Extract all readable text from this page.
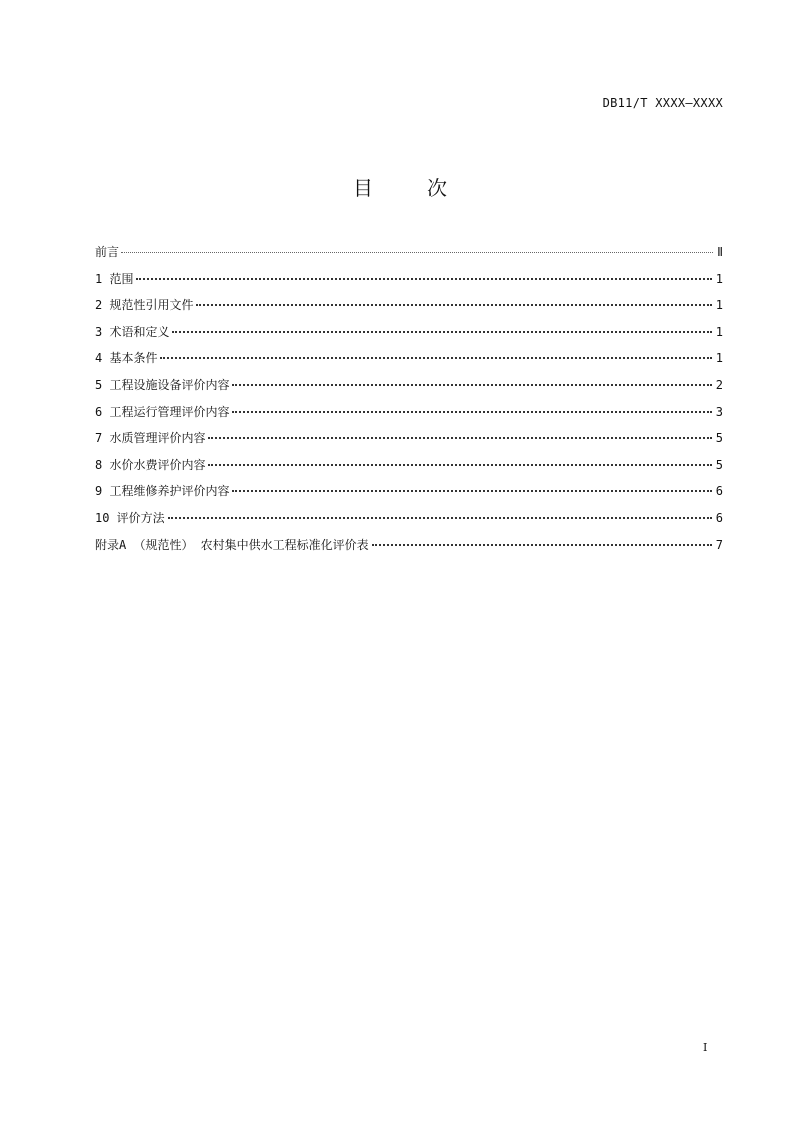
DB11/T XXXX—XXXX
目	次
前言	Ⅱ
1 范围	1
2 规范性引用文件	1
3 术语和定义	1
4 基本条件	1
5 工程设施设备评价内容	2
6 工程运行管理评价内容	3
7 水质管理评价内容	5
8 水价水费评价内容	5
9 工程维修养护评价内容	6
10 评价方法	6
附录A （规范性） 农村集中供水工程标准化评价表	7
I
